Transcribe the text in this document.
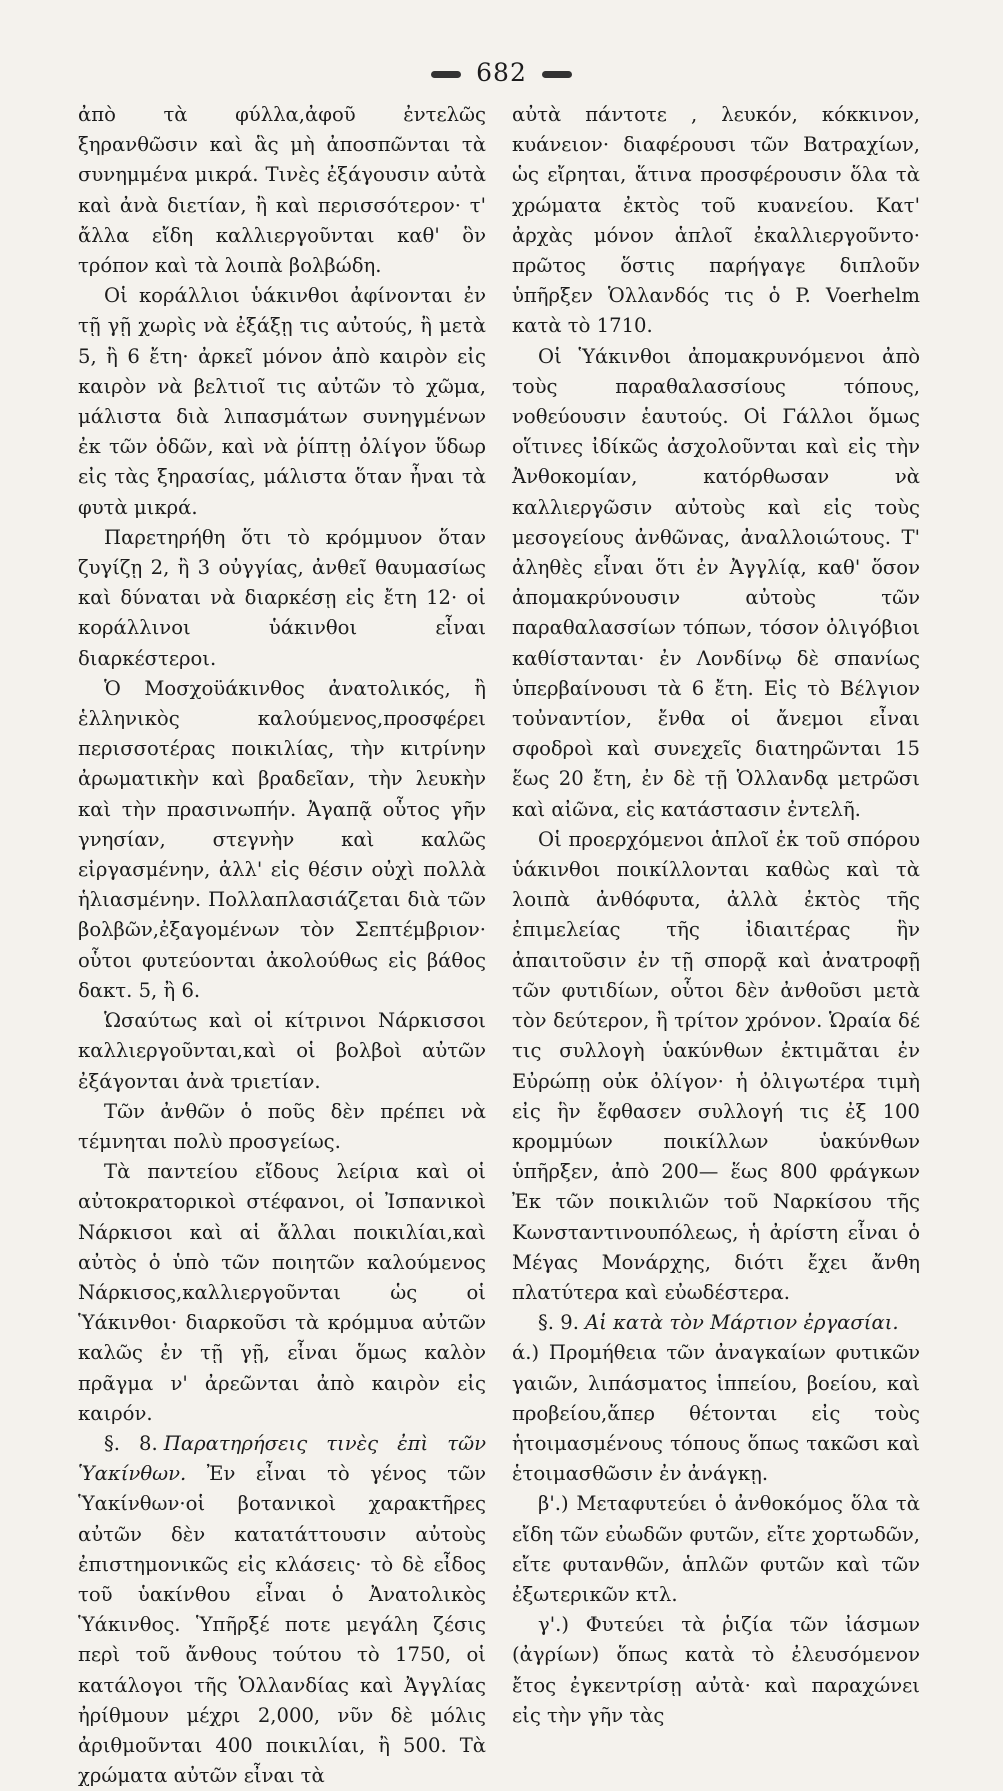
682

ἀπὸ τὰ φύλλα,ἀφοῦ ἐντελῶς ξηρανθῶσιν καὶ ἃς μὴ ἀποσπῶνται τὰ συνημμένα μικρά. Τινὲς ἐξάγουσιν αὐτὰ καὶ ἀνὰ διετίαν, ἢ καὶ περισσότερον· τ' ἄλλα εἴδη καλλιεργοῦνται καθ' ὃν τρόπον καὶ τὰ λοιπὰ βολβώδη.

Οἱ κοράλλιοι ὑάκινθοι ἀφίνονται ἐν τῇ γῇ χωρὶς νὰ ἐξάξῃ τις αὐτούς, ἢ μετὰ 5, ἢ 6 ἔτη· ἀρκεῖ μόνον ἀπὸ καιρὸν εἰς καιρὸν νὰ βελτιοῖ τις αὐτῶν τὸ χῶμα, μάλιστα διὰ λιπασμάτων συνηγμένων ἐκ τῶν ὁδῶν, καὶ νὰ ῥίπτῃ ὀλίγον ὕδωρ εἰς τὰς ξηρασίας, μάλιστα ὅταν ἦναι τὰ φυτὰ μικρά.

Παρετηρήθη ὅτι τὸ κρόμμυον ὅταν ζυγίζῃ 2, ἢ 3 οὐγγίας, ἀνθεῖ θαυμασίως καὶ δύναται νὰ διαρκέσῃ εἰς ἔτη 12· οἱ κοράλλινοι ὑάκινθοι εἶναι διαρκέστεροι.

Ὁ Μοσχοϋάκινθος ἀνατολικός, ἢ ἑλληνικὸς καλούμενος,προσφέρει περισσοτέρας ποικιλίας, τὴν κιτρίνην ἀρωματικὴν καὶ βραδεῖαν, τὴν λευκὴν καὶ τὴν πρασινωπήν. Ἀγαπᾷ οὗτος γῆν γνησίαν, στεγνὴν καὶ καλῶς εἰργασμένην, ἀλλ' εἰς θέσιν οὐχὶ πολλὰ ἡλιασμένην. Πολλαπλασιάζεται διὰ τῶν βολβῶν,ἐξαγομένων τὸν Σεπτέμβριον· οὗτοι φυτεύονται ἀκολούθως εἰς βάθος δακτ. 5, ἢ 6.

Ὡσαύτως καὶ οἱ κίτρινοι Νάρκισσοι καλλιεργοῦνται,καὶ οἱ βολβοὶ αὐτῶν ἐξάγονται ἀνὰ τριετίαν.

Τῶν ἀνθῶν ὁ ποῦς δὲν πρέπει νὰ τέμνηται πολὺ προσγείως.

Τὰ παντείου εἴδους λείρια καὶ οἱ αὐτοκρατορικοὶ στέφανοι, οἱ Ἰσπανικοὶ Νάρκισοι καὶ αἱ ἄλλαι ποικιλίαι,καὶ αὐτὸς ὁ ὑπὸ τῶν ποιητῶν καλούμενος Νάρκισος,καλλιεργοῦνται ὡς οἱ Ὑάκινθοι· διαρκοῦσι τὰ κρόμμυα αὐτῶν καλῶς ἐν τῇ γῇ, εἶναι ὅμως καλὸν πρᾶγμα ν' ἀρεῶνται ἀπὸ καιρὸν εἰς καιρόν.

§. 8. Παρατηρήσεις τινὲς ἐπὶ τῶν Ὑακίνθων. Ἐν εἶναι τὸ γένος τῶν Ὑακίνθων·οἱ βοτανικοὶ χαρακτῆρες αὐτῶν δὲν κατατάττουσιν αὐτοὺς ἐπιστημονικῶς εἰς κλάσεις· τὸ δὲ εἶδος τοῦ ὑακίνθου εἶναι ὁ Ἀνατολικὸς Ὑάκινθος. Ὑπῆρξέ ποτε μεγάλη ζέσις περὶ τοῦ ἄνθους τούτου τὸ 1750, οἱ κατάλογοι τῆς Ὁλλανδίας καὶ Ἀγγλίας ἠρίθμουν μέχρι 2,000, νῦν δὲ μόλις ἀριθμοῦνται 400 ποικιλίαι, ἢ 500. Τὰ χρώματα αὐτῶν εἶναι τὰ

αὐτὰ πάντοτε , λευκόν, κόκκινον, κυάνειον· διαφέρουσι τῶν Βατραχίων, ὡς εἴρηται, ἅτινα προσφέρουσιν ὅλα τὰ χρώματα ἐκτὸς τοῦ κυανείου. Κατ' ἀρχὰς μόνον ἁπλοῖ ἐκαλλιεργοῦντο· πρῶτος ὅστις παρήγαγε διπλοῦν ὑπῆρξεν Ὁλλανδός τις ὁ P. Voerhelm κατὰ τὸ 1710.

Οἱ Ὑάκινθοι ἀπομακρυνόμενοι ἀπὸ τοὺς παραθαλασσίους τόπους, νοθεύουσιν ἑαυτούς. Οἱ Γάλλοι ὅμως οἵτινες ἰδίκῶς ἀσχολοῦνται καὶ εἰς τὴν Ἀνθοκομίαν, κατόρθωσαν νὰ καλλιεργῶσιν αὐτοὺς καὶ εἰς τοὺς μεσογείους ἀνθῶνας, ἀναλλοιώτους. Τ' ἀληθὲς εἶναι ὅτι ἐν Ἀγγλίᾳ, καθ' ὅσον ἀπομακρύνουσιν αὐτοὺς τῶν παραθαλασσίων τόπων, τόσον ὀλιγόβιοι καθίστανται· ἐν Λονδίνῳ δὲ σπανίως ὑπερβαίνουσι τὰ 6 ἔτη. Εἰς τὸ Βέλγιον τοὐναντίον, ἔνθα οἱ ἄνεμοι εἶναι σφοδροὶ καὶ συνεχεῖς διατηρῶνται 15 ἕως 20 ἔτη, ἐν δὲ τῇ Ὁλλανδᾳ μετρῶσι καὶ αἰῶνα, εἰς κατάστασιν ἐντελῆ.

Οἱ προερχόμενοι ἁπλοῖ ἐκ τοῦ σπόρου ὑάκινθοι ποικίλλονται καθὼς καὶ τὰ λοιπὰ ἀνθόφυτα, ἀλλὰ ἐκτὸς τῆς ἐπιμελείας τῆς ἰδιαιτέρας ἣν ἀπαιτοῦσιν ἐν τῇ σπορᾷ καὶ ἀνατροφῇ τῶν φυτιδίων, οὗτοι δὲν ἀνθοῦσι μετὰ τὸν δεύτερον, ἢ τρίτον χρόνον. Ὡραία δέ τις συλλογὴ ὑακύνθων ἐκτιμᾶται ἐν Εὐρώπῃ οὐκ ὀλίγον· ἡ ὀλιγωτέρα τιμὴ εἰς ἣν ἔφθασεν συλλογή τις ἐξ 100 κρομμύων ποικίλλων ὑακύνθων ὑπῆρξεν, ἀπὸ 200— ἕως 800 φράγκων Ἐκ τῶν ποικιλιῶν τοῦ Ναρκίσου τῆς Κωνσταντινουπόλεως, ἡ ἀρίστη εἶναι ὁ Μέγας Μονάρχης, διότι ἔχει ἄνθη πλατύτερα καὶ εὐωδέστερα.

§. 9. Αἱ κατὰ τὸν Μάρτιον ἐργασίαι.

ά.) Προμήθεια τῶν ἀναγκαίων φυτικῶν γαιῶν, λιπάσματος ἱππείου, βοείου, καὶ προβείου,ἅπερ θέτονται εἰς τοὺς ἡτοιμασμένους τόπους ὅπως τακῶσι καὶ ἑτοιμασθῶσιν ἐν ἀνάγκῃ.

β'.) Μεταφυτεύει ὁ ἀνθοκόμος ὅλα τὰ εἴδη τῶν εὐωδῶν φυτῶν, εἴτε χορτωδῶν, εἴτε φυτανθῶν, ἁπλῶν φυτῶν καὶ τῶν ἐξωτερικῶν κτλ.

γ'.) Φυτεύει τὰ ῥιζία τῶν ἰάσμων (ἀγρίων) ὅπως κατὰ τὸ ἐλευσόμενον ἔτος ἐγκεντρίσῃ αὐτὰ· καὶ παραχώνει εἰς τὴν γῆν τὰς
